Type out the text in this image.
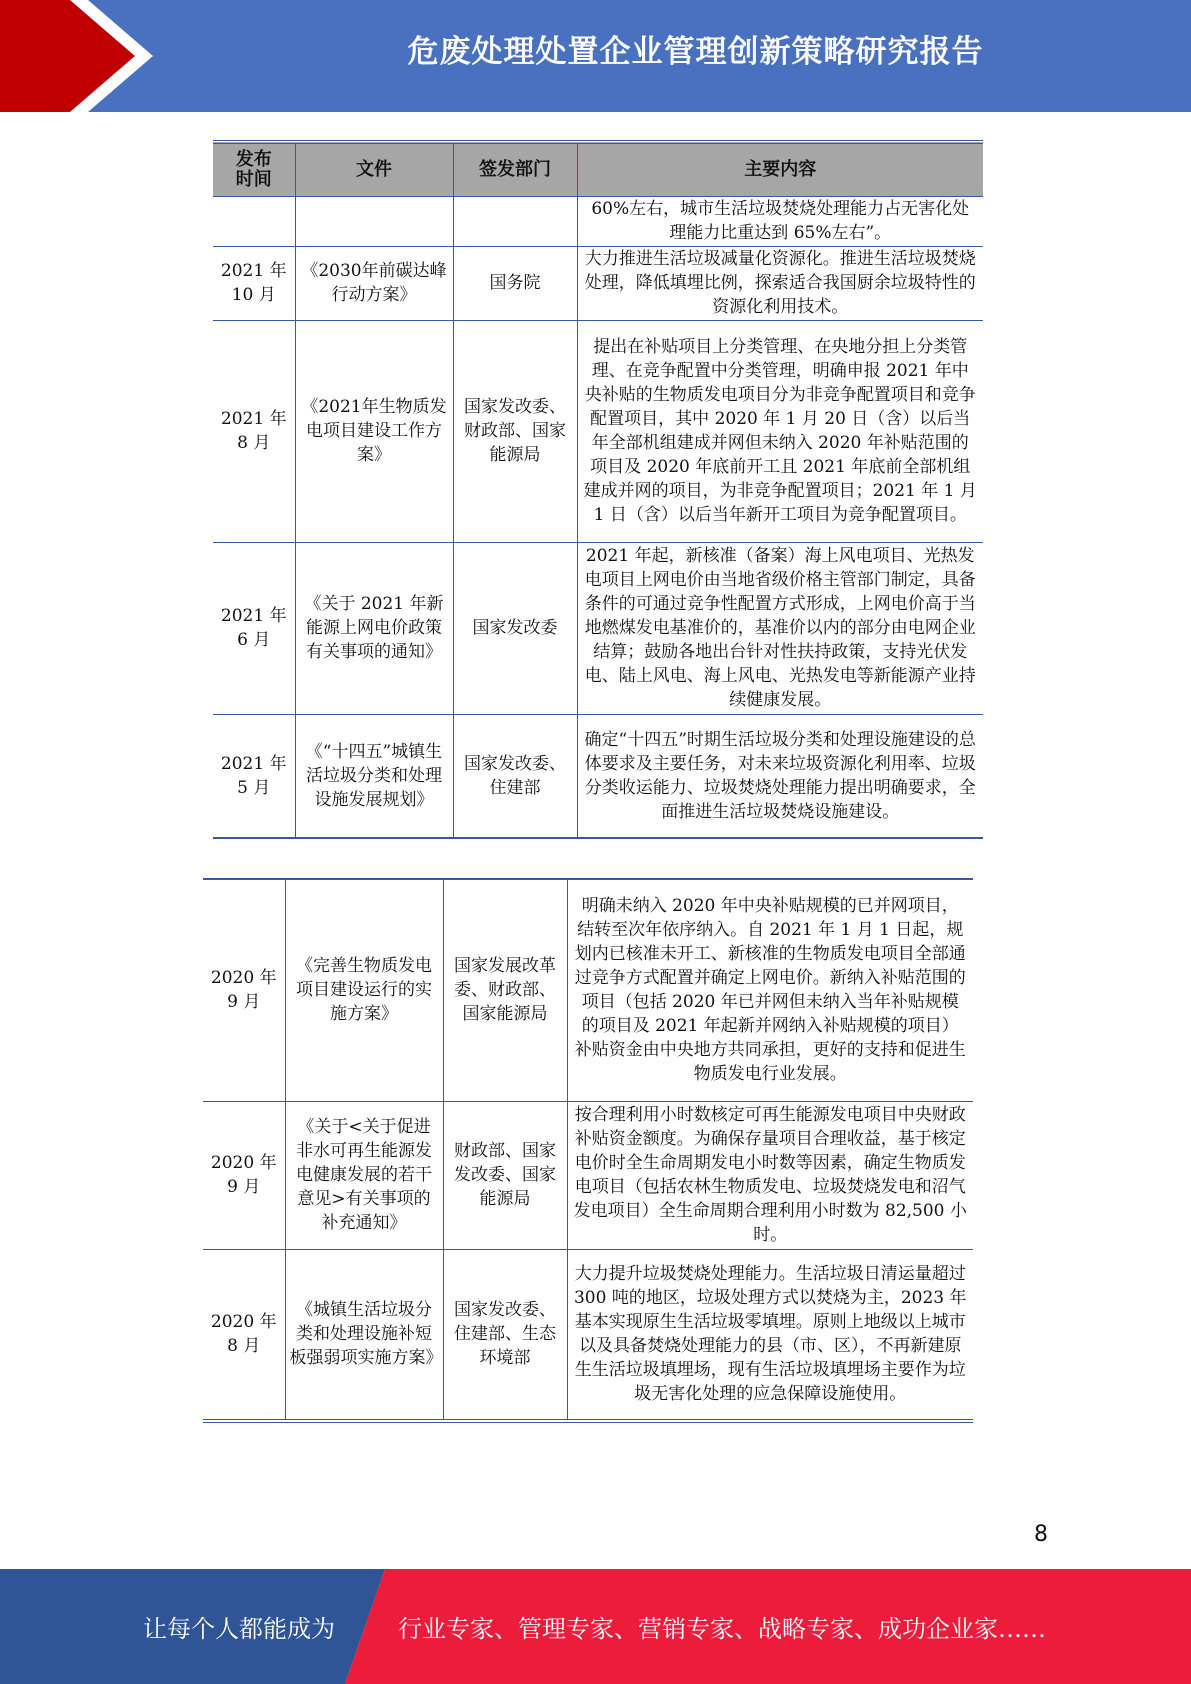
危废处理处置企业管理创新策略研究报告
发布
时间	文件	签发部门	主要内容
			60%左右，城市生活垃圾焚烧处理能力占无害化处理能力比重达到 65%左右”。
2021 年
10 月	《2030年前碳达峰行动方案》	国务院	大力推进生活垃圾减量化资源化。推进生活垃圾焚烧处理，降低填埋比例，探索适合我国厨余垃圾特性的资源化利用技术。
2021 年
8 月	《2021年生物质发电项目建设工作方案》	国家发改委、财政部、国家能源局	提出在补贴项目上分类管理、在央地分担上分类管理、在竞争配置中分类管理，明确申报 2021 年中央补贴的生物质发电项目分为非竞争配置项目和竞争配置项目，其中 2020 年 1 月 20 日（含）以后当年全部机组建成并网但未纳入 2020 年补贴范围的项目及 2020 年底前开工且 2021 年底前全部机组建成并网的项目，为非竞争配置项目；2021 年 1 月 1 日（含）以后当年新开工项目为竞争配置项目。
2021 年
6 月	《关于 2021 年新能源上网电价政策有关事项的通知》	国家发改委	2021 年起，新核准（备案）海上风电项目、光热发电项目上网电价由当地省级价格主管部门制定，具备条件的可通过竞争性配置方式形成，上网电价高于当地燃煤发电基准价的，基准价以内的部分由电网企业结算；鼓励各地出台针对性扶持政策，支持光伏发电、陆上风电、海上风电、光热发电等新能源产业持续健康发展。
2021 年
5 月	《“十四五”城镇生活垃圾分类和处理设施发展规划》	国家发改委、住建部	确定“十四五”时期生活垃圾分类和处理设施建设的总体要求及主要任务，对未来垃圾资源化利用率、垃圾分类收运能力、垃圾焚烧处理能力提出明确要求，全面推进生活垃圾焚烧设施建设。
2020 年
9 月	《完善生物质发电项目建设运行的实施方案》	国家发展改革委、财政部、国家能源局	明确未纳入 2020 年中央补贴规模的已并网项目，结转至次年依序纳入。自 2021 年 1 月 1 日起，规划内已核准未开工、新核准的生物质发电项目全部通过竞争方式配置并确定上网电价。新纳入补贴范围的项目（包括 2020 年已并网但未纳入当年补贴规模的项目及 2021 年起新并网纳入补贴规模的项目）补贴资金由中央地方共同承担，更好的支持和促进生物质发电行业发展。
2020 年
9 月	《关于<关于促进非水可再生能源发电健康发展的若干意见>有关事项的补充通知》	财政部、国家发改委、国家能源局	按合理利用小时数核定可再生能源发电项目中央财政补贴资金额度。为确保存量项目合理收益，基于核定电价时全生命周期发电小时数等因素，确定生物质发电项目（包括农林生物质发电、垃圾焚烧发电和沼气发电项目）全生命周期合理利用小时数为 82,500 小时。
2020 年
8 月	《城镇生活垃圾分类和处理设施补短板强弱项实施方案》	国家发改委、住建部、生态环境部	大力提升垃圾焚烧处理能力。生活垃圾日清运量超过 300 吨的地区，垃圾处理方式以焚烧为主，2023 年基本实现原生生活垃圾零填埋。原则上地级以上城市以及具备焚烧处理能力的县（市、区），不再新建原生生活垃圾填埋场，现有生活垃圾填埋场主要作为垃圾无害化处理的应急保障设施使用。
8
让每个人都能成为	行业专家、管理专家、营销专家、战略专家、成功企业家……
